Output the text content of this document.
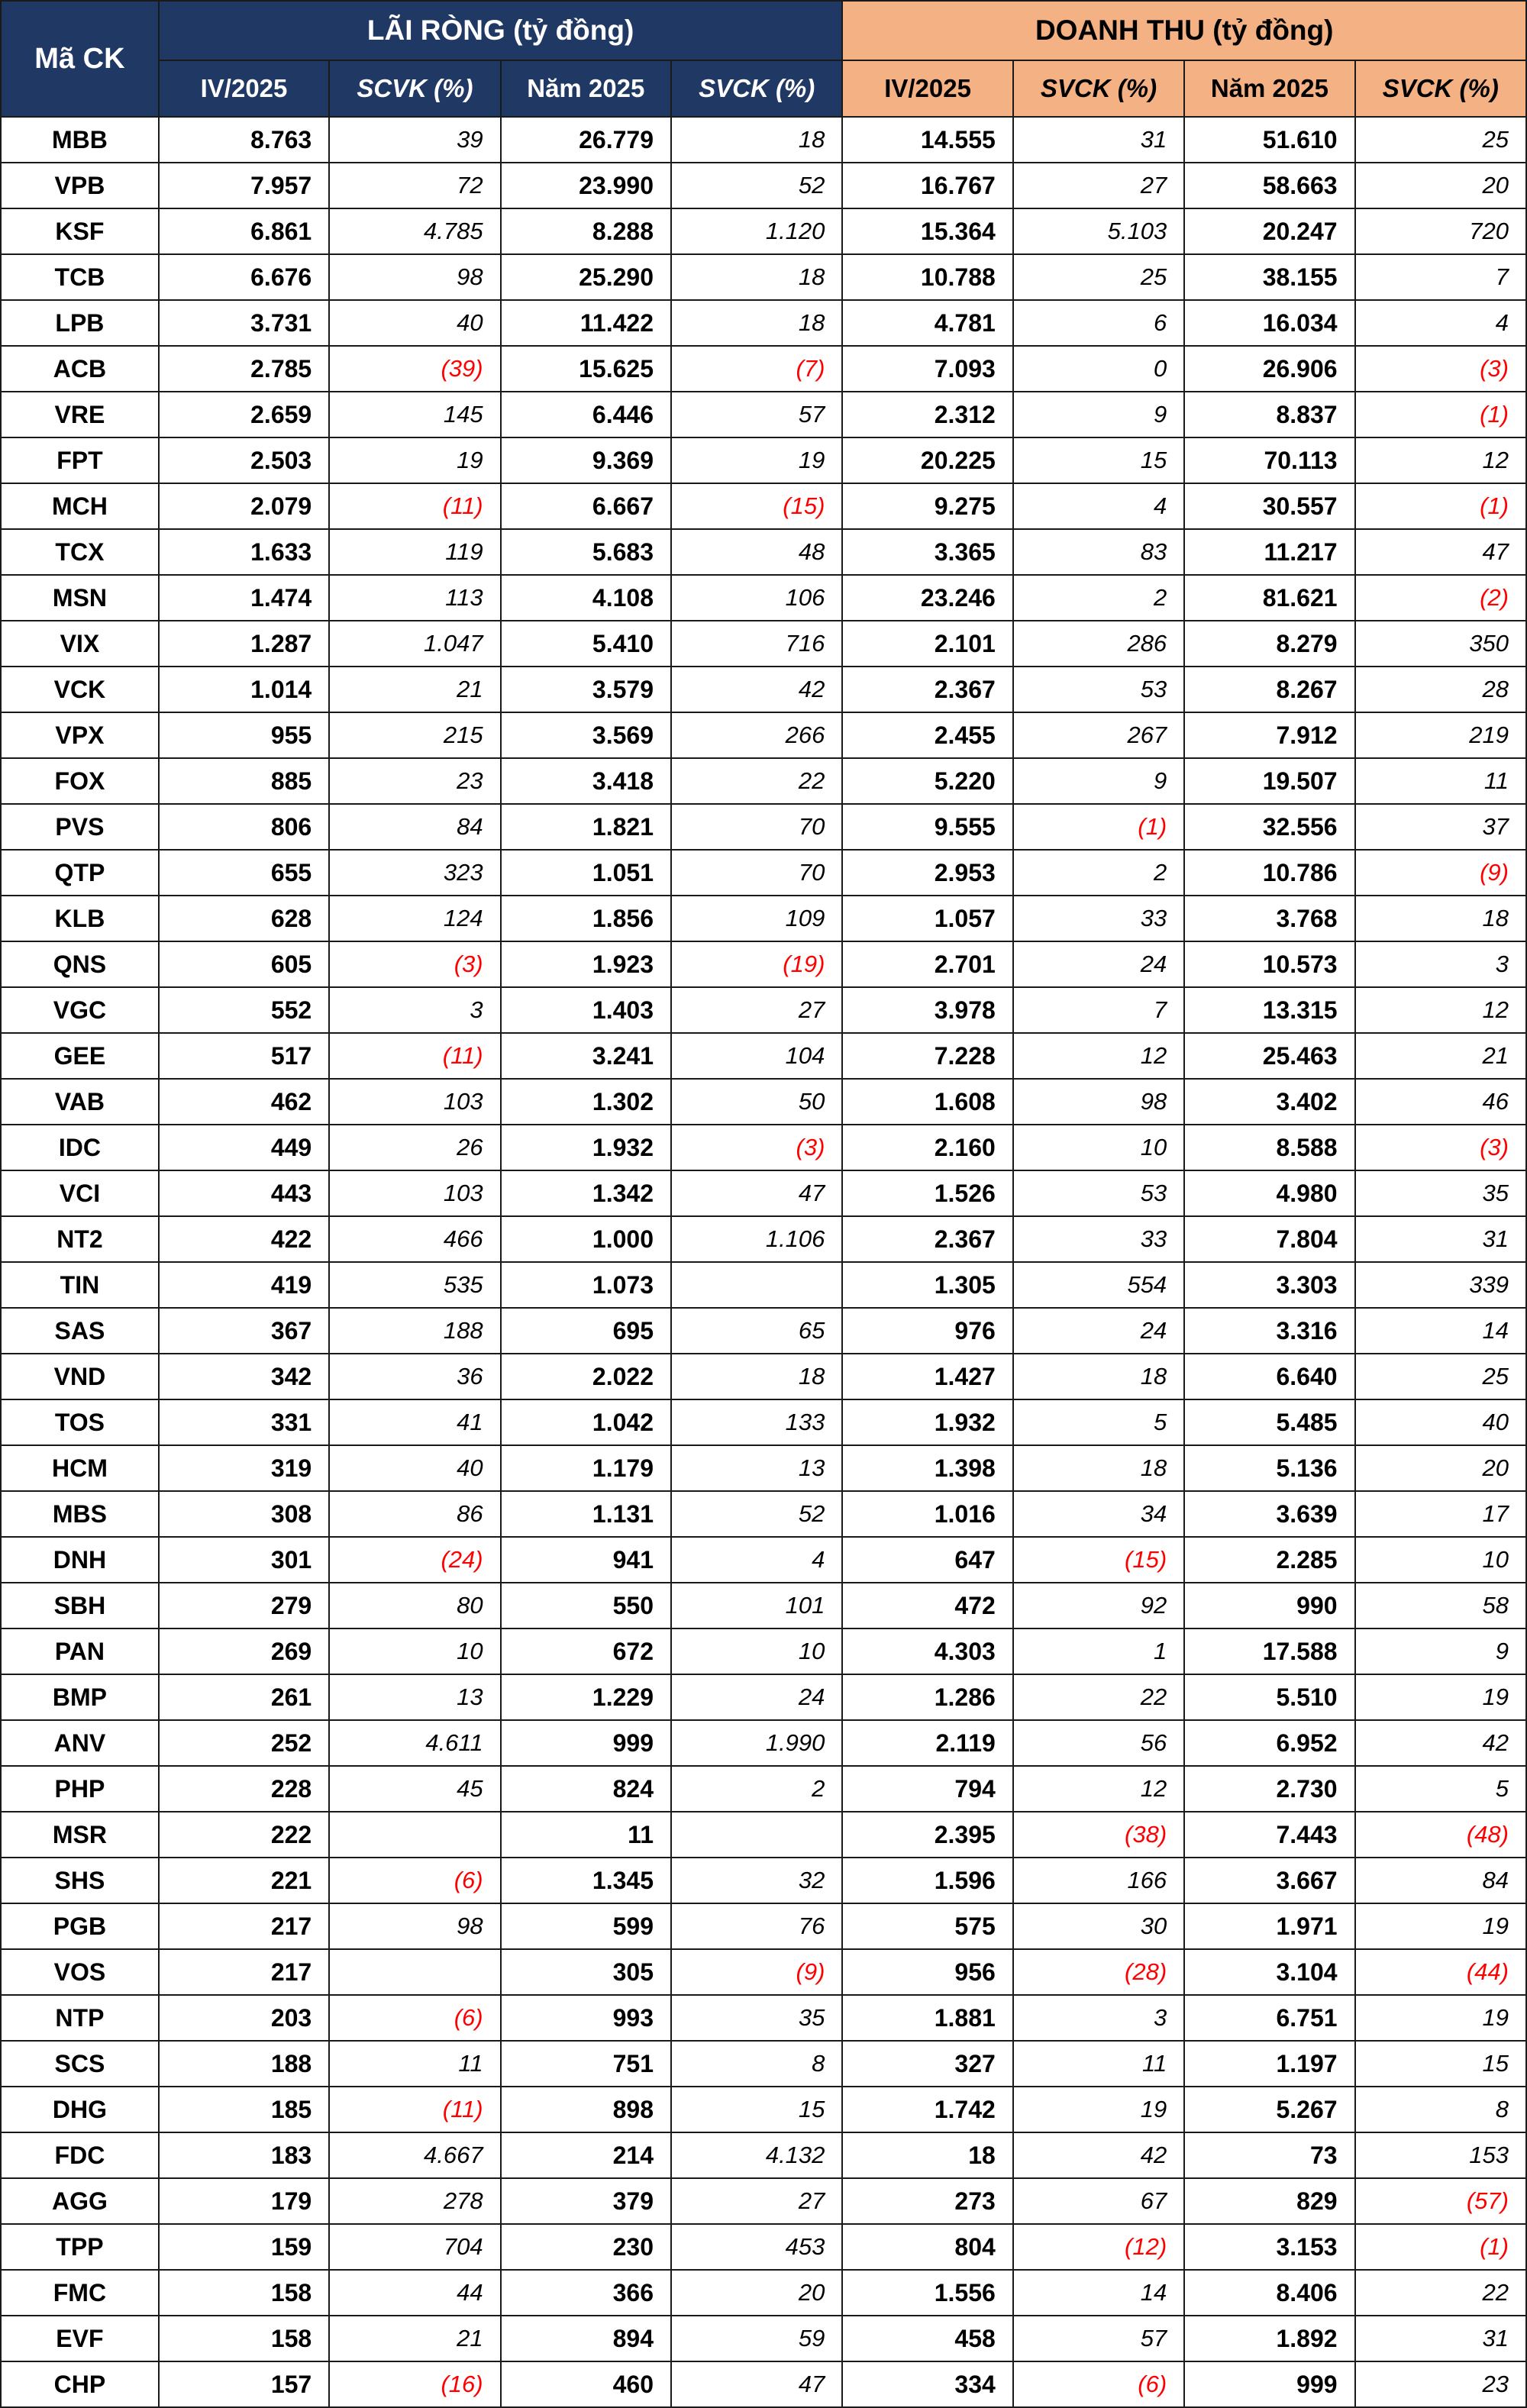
Mã CK	LÃI RÒNG (tỷ đồng)				DOANH THU (tỷ đồng)			
	IV/2025	SCVK (%)	Năm 2025	SVCK (%)	IV/2025	SVCK (%)	Năm 2025	SVCK (%)
MBB	8.763	39	26.779	18	14.555	31	51.610	25
VPB	7.957	72	23.990	52	16.767	27	58.663	20
KSF	6.861	4.785	8.288	1.120	15.364	5.103	20.247	720
TCB	6.676	98	25.290	18	10.788	25	38.155	7
LPB	3.731	40	11.422	18	4.781	6	16.034	4
ACB	2.785	(39)	15.625	(7)	7.093	0	26.906	(3)
VRE	2.659	145	6.446	57	2.312	9	8.837	(1)
FPT	2.503	19	9.369	19	20.225	15	70.113	12
MCH	2.079	(11)	6.667	(15)	9.275	4	30.557	(1)
TCX	1.633	119	5.683	48	3.365	83	11.217	47
MSN	1.474	113	4.108	106	23.246	2	81.621	(2)
VIX	1.287	1.047	5.410	716	2.101	286	8.279	350
VCK	1.014	21	3.579	42	2.367	53	8.267	28
VPX	955	215	3.569	266	2.455	267	7.912	219
FOX	885	23	3.418	22	5.220	9	19.507	11
PVS	806	84	1.821	70	9.555	(1)	32.556	37
QTP	655	323	1.051	70	2.953	2	10.786	(9)
KLB	628	124	1.856	109	1.057	33	3.768	18
QNS	605	(3)	1.923	(19)	2.701	24	10.573	3
VGC	552	3	1.403	27	3.978	7	13.315	12
GEE	517	(11)	3.241	104	7.228	12	25.463	21
VAB	462	103	1.302	50	1.608	98	3.402	46
IDC	449	26	1.932	(3)	2.160	10	8.588	(3)
VCI	443	103	1.342	47	1.526	53	4.980	35
NT2	422	466	1.000	1.106	2.367	33	7.804	31
TIN	419	535	1.073		1.305	554	3.303	339
SAS	367	188	695	65	976	24	3.316	14
VND	342	36	2.022	18	1.427	18	6.640	25
TOS	331	41	1.042	133	1.932	5	5.485	40
HCM	319	40	1.179	13	1.398	18	5.136	20
MBS	308	86	1.131	52	1.016	34	3.639	17
DNH	301	(24)	941	4	647	(15)	2.285	10
SBH	279	80	550	101	472	92	990	58
PAN	269	10	672	10	4.303	1	17.588	9
BMP	261	13	1.229	24	1.286	22	5.510	19
ANV	252	4.611	999	1.990	2.119	56	6.952	42
PHP	228	45	824	2	794	12	2.730	5
MSR	222		11		2.395	(38)	7.443	(48)
SHS	221	(6)	1.345	32	1.596	166	3.667	84
PGB	217	98	599	76	575	30	1.971	19
VOS	217		305	(9)	956	(28)	3.104	(44)
NTP	203	(6)	993	35	1.881	3	6.751	19
SCS	188	11	751	8	327	11	1.197	15
DHG	185	(11)	898	15	1.742	19	5.267	8
FDC	183	4.667	214	4.132	18	42	73	153
AGG	179	278	379	27	273	67	829	(57)
TPP	159	704	230	453	804	(12)	3.153	(1)
FMC	158	44	366	20	1.556	14	8.406	22
EVF	158	21	894	59	458	57	1.892	31
CHP	157	(16)	460	47	334	(6)	999	23
